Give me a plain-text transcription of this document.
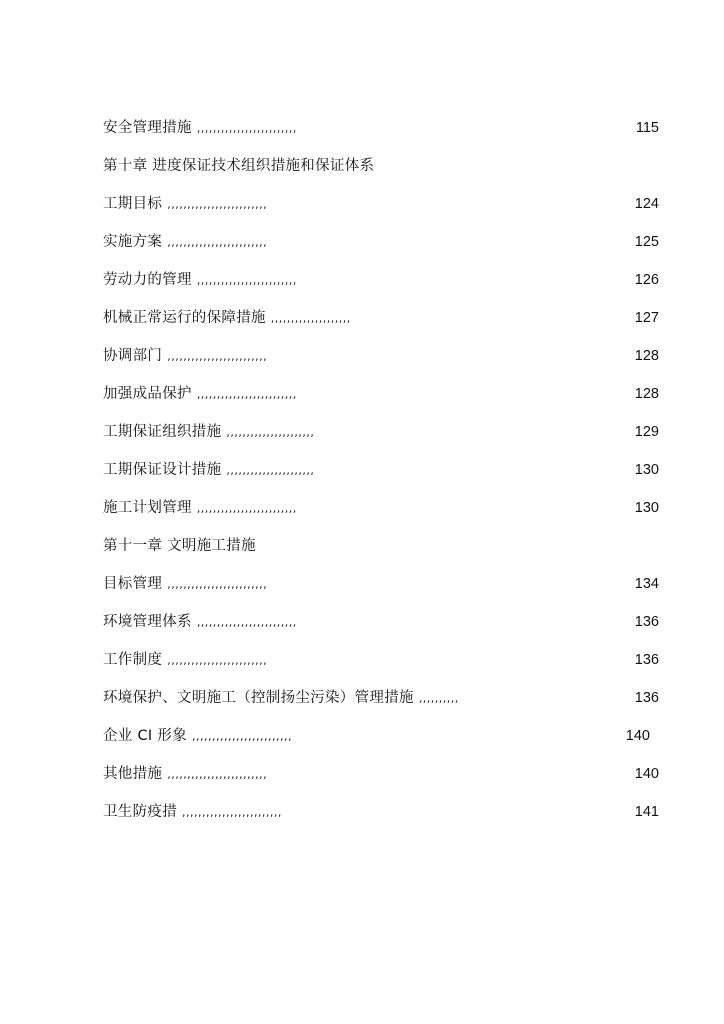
安全管理措施 ,,,,,,,,,,,,,,,,,,,,,,,,,	115
第十章 进度保证技术组织措施和保证体系
工期目标 ,,,,,,,,,,,,,,,,,,,,,,,,,	124
实施方案 ,,,,,,,,,,,,,,,,,,,,,,,,,	125
劳动力的管理 ,,,,,,,,,,,,,,,,,,,,,,,,,	126
机械正常运行的保障措施 ,,,,,,,,,,,,,,,,,,,,	127
协调部门 ,,,,,,,,,,,,,,,,,,,,,,,,,	128
加强成品保护 ,,,,,,,,,,,,,,,,,,,,,,,,,	128
工期保证组织措施 ,,,,,,,,,,,,,,,,,,,,,,	129
工期保证设计措施 ,,,,,,,,,,,,,,,,,,,,,,	130
施工计划管理 ,,,,,,,,,,,,,,,,,,,,,,,,,	130
第十一章 文明施工措施
目标管理 ,,,,,,,,,,,,,,,,,,,,,,,,,	134
环境管理体系 ,,,,,,,,,,,,,,,,,,,,,,,,,	136
工作制度 ,,,,,,,,,,,,,,,,,,,,,,,,,	136
环境保护、文明施工（控制扬尘污染）管理措施 ,,,,,,,,,,	136
企业 CI 形象 ,,,,,,,,,,,,,,,,,,,,,,,,,	140
其他措施 ,,,,,,,,,,,,,,,,,,,,,,,,,	140
卫生防疫措 ,,,,,,,,,,,,,,,,,,,,,,,,,	141
